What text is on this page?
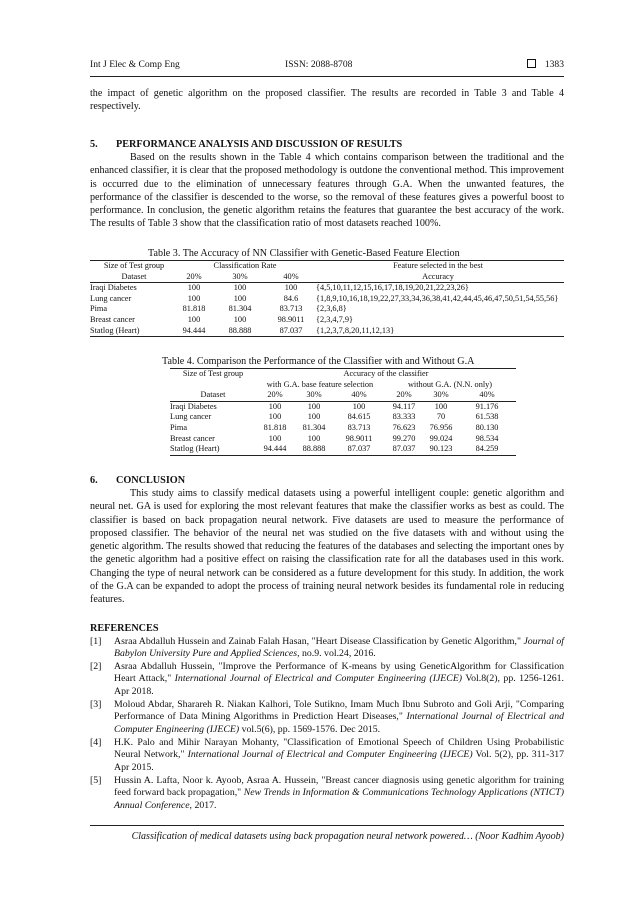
Int J Elec & Comp Eng	ISSN: 2088-8708	1383

the impact of genetic algorithm on the proposed classifier. The results are recorded in Table 3 and Table 4 respectively.

5. PERFORMANCE ANALYSIS AND DISCUSSION OF RESULTS

Based on the results shown in the Table 4 which contains comparison between the traditional and the enhanced classifier, it is clear that the proposed methodology is outdone the conventional method. This improvement is occurred due to the elimination of unnecessary features through G.A. When the unwanted features, the performance of the classifier is descended to the worse, so the removal of these features gives a powerful boost to performance. In conclusion, the genetic algorithm retains the features that guarantee the best accuracy of the work. The results of Table 3 show that the classification ratio of most datasets reached 100%.

Table 3. The Accuracy of NN Classifier with Genetic-Based Feature Election
Size of Test group	Classification Rate			Feature selected in the best
Dataset	20%	30%	40%	Accuracy
Iraqi Diabetes	100	100	100	{4,5,10,11,12,15,16,17,18,19,20,21,22,23,26}
Lung cancer	100	100	84.6	{1,8,9,10,16,18,19,22,27,33,34,36,38,41,42,44,45,46,47,50,51,54,55,56}
Pima	81.818	81.304	83.713	{2,3,6,8}
Breast cancer	100	100	98.9011	{2,3,4,7,9}
Statlog (Heart)	94.444	88.888	87.037	{1,2,3,7,8,20,11,12,13}
Table 4. Comparison the Performance of the Classifier with and Without G.A
Size of Test group	Accuracy of the classifier					
	with G.A. base feature selection			without G.A. (N.N. only)		
Dataset	20%	30%	40%	20%	30%	40%
Iraqi Diabetes	100	100	100	94.117	100	91.176
Lung cancer	100	100	84.615	83.333	70	61.538
Pima	81.818	81.304	83.713	76.623	76.956	80.130
Breast cancer	100	100	98.9011	99.270	99.024	98.534
Statlog (Heart)	94.444	88.888	87.037	87.037	90.123	84.259
6. CONCLUSION

This study aims to classify medical datasets using a powerful intelligent couple: genetic algorithm and neural net. GA is used for exploring the most relevant features that make the classifier works as best as could. The classifier is based on back propagation neural network. Five datasets are used to measure the performance of proposed classifier. The behavior of the neural net was studied on the five datasets with and without using the genetic algorithm. The results showed that reducing the features of the databases and selecting the important ones by the genetic algorithm had a positive effect on raising the classification rate for all the databases used in this work. Changing the type of neural network can be considered as a future development for this study. In addition, the work of the G.A can be expanded to adopt the process of training neural network besides its fundamental role in reducing features.

REFERENCES
[1] Asraa Abdalluh Hussein and Zainab Falah Hasan, "Heart Disease Classification by Genetic Algorithm," Journal of Babylon University Pure and Applied Sciences, no.9. vol.24, 2016.
[2] Asraa Abdalluh Hussein, "Improve the Performance of K-means by using GeneticAlgorithm for Classification Heart Attack," International Journal of Electrical and Computer Engineering (IJECE) Vol.8(2), pp. 1256-1261. Apr 2018.
[3] Moloud Abdar, Sharareh R. Niakan Kalhori, Tole Sutikno, Imam Much Ibnu Subroto and Goli Arji, "Comparing Performance of Data Mining Algorithms in Prediction Heart Diseases," International Journal of Electrical and Computer Engineering (IJECE) vol.5(6), pp. 1569-1576. Dec 2015.
[4] H.K. Palo and Mihir Narayan Mohanty, "Classification of Emotional Speech of Children Using Probabilistic Neural Network," International Journal of Electrical and Computer Engineering (IJECE) Vol. 5(2), pp. 311-317 Apr 2015.
[5] Hussin A. Lafta, Noor k. Ayoob, Asraa A. Hussein, "Breast cancer diagnosis using genetic algorithm for training feed forward back propagation," New Trends in Information & Communications Technology Applications (NTICT) Annual Conference, 2017.
Classification of medical datasets using back propagation neural network powered… (Noor Kadhim Ayoob)
